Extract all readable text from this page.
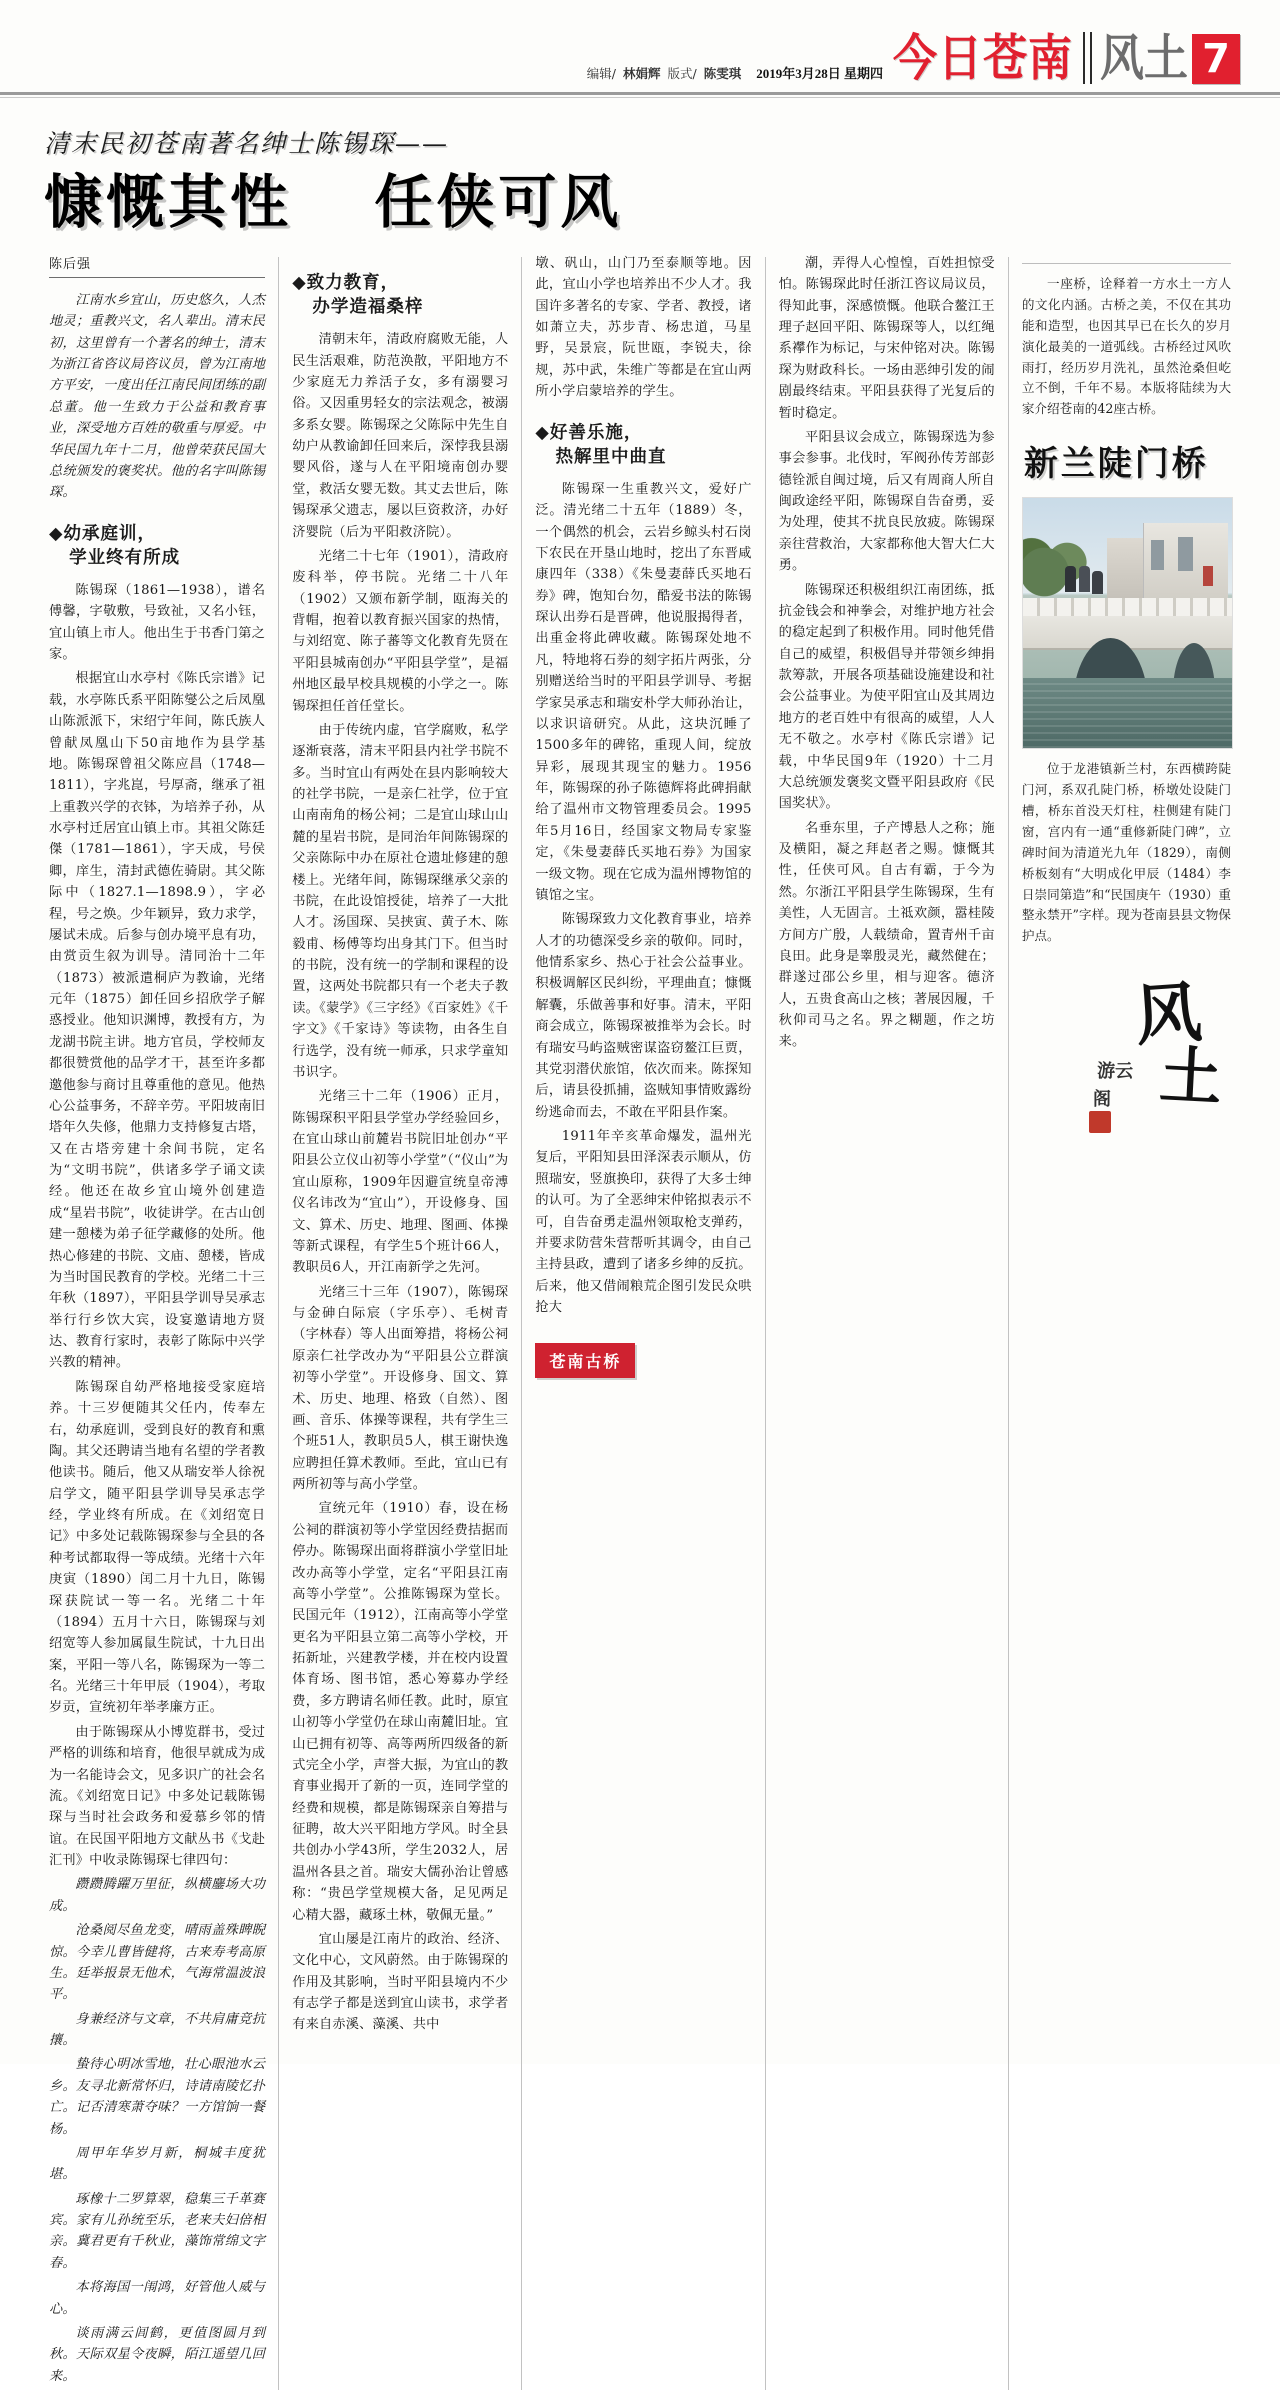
编辑/ 林娟辉 版式/ 陈雯琪 2019年3月28日 星期四 今日苍南 风土 7
清末民初苍南著名绅士陈锡琛——
慷慨其性 任侠可风
陈后强

江南水乡宜山，历史悠久，人杰地灵；重教兴文，名人辈出。清末民初，这里曾有一个著名的绅士，清末为浙江省咨议局咨议员，曾为江南地方平安，一度出任江南民间团练的副总董。他一生致力于公益和教育事业，深受地方百姓的敬重与厚爱。中华民国九年十二月，他曾荣获民国大总统颁发的褒奖状。他的名字叫陈锡琛。

◆幼承庭训，
学业终有所成

陈锡琛（1861—1938），谱名傅馨，字敬敷，号致祉，又名小钰，宜山镇上市人。他出生于书香门第之家。

根据宜山水亭村《陈氏宗谱》记载，水亭陈氏系平阳陈燮公之后凤凰山陈派派下，宋绍宁年间，陈氏族人曾献凤凰山下50亩地作为县学基地。陈锡琛曾祖父陈应昌（1748—1811），字兆崑，号厚斋，继承了祖上重教兴学的衣钵，为培养子孙，从水亭村迁居宜山镇上市。其祖父陈廷傑（1781—1861），字天成，号侯卿，庠生，清封武德佐骑尉。其父陈际中（1827.1—1898.9），字必程，号之焕。少年颖异，致力求学，屡试未成。后参与创办境平息有功，由赏贡生叙为训导。清同治十二年（1873）被派遣桐庐为教谕，光绪元年（1875）卸任回乡招欣学子解惑授业。他知识渊博，教授有方，为龙湖书院主讲。地方官员，学校师友都很赞赏他的品学才干，甚至许多都邀他参与商讨且尊重他的意见。他热心公益事务，不辞辛劳。平阳坡南旧塔年久失修，他鼎力支持修复古塔，又在古塔旁建十余间书院，定名为“文明书院”，供诸多学子诵文读经。他还在故乡宜山境外创建造成“星岩书院”，收徒讲学。在古山创建一憩楼为弟子征学藏修的处所。他热心修建的书院、文庙、憩楼，皆成为当时国民教育的学校。光绪二十三年秋（1897），平阳县学训导吴承志举行行乡饮大宾，设宴邀请地方贤达、教育行家时，表彰了陈际中兴学兴教的精神。

陈锡琛自幼严格地接受家庭培养。十三岁便随其父任内，传奉左右，幼承庭训，受到良好的教育和熏陶。其父还聘请当地有名望的学者教他读书。随后，他又从瑞安举人徐祝启学文，随平阳县学训导吴承志学经，学业终有所成。在《刘绍宽日记》中多处记载陈锡琛参与全县的各种考试都取得一等成绩。光绪十六年庚寅（1890）闰二月十九日，陈锡琛获院试一等一名。光绪二十年（1894）五月十六日，陈锡琛与刘绍宽等人参加属鼠生院试，十九日出案，平阳一等八名，陈锡琛为一等二名。光绪三十年甲辰（1904），考取岁贡，宣统初年举孝廉方正。

由于陈锡琛从小博览群书，受过严格的训练和培育，他很早就成为成为一名能诗会文，见多识广的社会名流。《刘绍宽日记》中多处记载陈锡琛与当时社会政务和爱慕乡邻的情谊。在民国平阳地方文献丛书《戈赴汇刊》中收录陈锡琛七律四句：

躜躜腾躍万里征，纵横鏖场大功成。

沧桑阅尽鱼龙变，晴雨盖殊睥睨惊。今幸儿曹皆健将，古来寿考高原生。廷举报景无他术，气海常温波浪平。

身兼经济与文章，不共肩庸竞抗攘。

蛰待心明冰雪地，壮心眼池水云乡。友寻北新常怀归，诗请南陵忆扑亡。记否清寒萧夺味？一方馆饷一餐杨。

周甲年华岁月新，桐城丰度犹堪。

琢橡十二罗算翠，稳集三千革赛宾。家有儿孙统至乐，老来夫妇倍相亲。冀君更有千秋业，藻饰常绵文字春。

本将海国一闱鸿，好管他人威与心。

谈雨满云闾鹤，更值图圆月到秋。天际双星令夜瞬，陌江遥望几回来。

◆致力教育，
办学造福桑梓

清朝末年，清政府腐败无能，人民生活艰难，防范涣散，平阳地方不少家庭无力养活子女，多有溺婴习俗。又因重男轻女的宗法观念，被溺多系女婴。陈锡琛之父陈际中先生自幼户从教谕卸任回来后，深悖我县溺婴风俗，遂与人在平阳境南创办婴堂，救活女婴无数。其丈去世后，陈锡琛承父遗志，屡以巨资救济，办好济婴院（后为平阳救济院）。

光绪二十七年（1901），清政府废科举，停书院。光绪二十八年（1902）又颁布新学制，瓯海关的背帽，抱着以教育振兴国家的热情，与刘绍宽、陈子蕃等文化教育先贤在平阳县城南创办“平阳县学堂”，是福州地区最早校具规模的小学之一。陈锡琛担任首任堂长。

由于传统内虚，官学腐败，私学逐渐衰落，清末平阳县内社学书院不多。当时宜山有两处在县内影响较大的社学书院，一是亲仁社学，位于宜山南南角的杨公祠；二是宜山球山山麓的星岩书院，是同治年间陈锡琛的父亲陈际中办在原社仓遗址修建的憩楼上。光绪年间，陈锡琛继承父亲的书院，在此设馆授徒，培养了一大批人才。汤国琛、吴挟寅、黄子木、陈毅甫、杨傅等均出身其门下。但当时的书院，没有统一的学制和课程的设置，这两处书院都只有一个老夫子教读。《蒙学》《三字经》《百家姓》《千字文》《千家诗》等读物，由各生自行选学，没有统一师承，只求学童知书识字。

光绪三十二年（1906）正月，陈锡琛积平阳县学堂办学经验回乡，在宜山球山前麓岩书院旧址创办“平阳县公立仪山初等小学堂”（“仪山”为宜山原称，1909年因避宣统皇帝溥仪名讳改为“宜山”），开设修身、国文、算术、历史、地理、图画、体操等新式课程，有学生5个班计66人，教职员6人，开江南新学之先河。

光绪三十三年（1907），陈锡琛与金砷白际宸（字乐亭）、毛树青（字林春）等人出面筹措，将杨公祠原亲仁社学改办为“平阳县公立群演初等小学堂”。开设修身、国文、算术、历史、地理、格致（自然）、图画、音乐、体操等课程，共有学生三个班51人，教职员5人，棋王谢快逸应聘担任算术教师。至此，宜山已有两所初等与高小学堂。

宣统元年（1910）春，设在杨公祠的群演初等小学堂因经费拮据而停办。陈锡琛出面将群演小学堂旧址改办高等小学堂，定名“平阳县江南高等小学堂”。公推陈锡琛为堂长。民国元年（1912），江南高等小学堂更名为平阳县立第二高等小学校，开拓新址，兴建教学楼，并在校内设置体育场、图书馆，悉心筹募办学经费，多方聘请名师任教。此时，原宜山初等小学堂仍在球山南麓旧址。宜山已拥有初等、高等两所四级备的新式完全小学，声誉大振，为宜山的教育事业揭开了新的一页，连同学堂的经费和规模，都是陈锡琛亲自筹措与征聘，故大兴平阳地方学风。时全县共创办小学43所，学生2032人，居温州各县之首。瑞安大儒孙治让曾感称：“贵邑学堂规模大备，足见两足心精大器，藏琢土林，敬佩无量。”

宜山屡是江南片的政治、经济、文化中心，文风蔚然。由于陈锡琛的作用及其影响，当时平阳县境内不少有志学子都是送到宜山读书，求学者有来自赤溪、藻溪、共中

墩、矾山，山门乃至泰顺等地。因此，宜山小学也培养出不少人才。我国许多著名的专家、学者、教授，诸如萧立夫，苏步青、杨忠道，马星野，吴景宸，阮世瓯，李锐夫，徐规，苏中武，朱维广等都是在宜山两所小学启蒙培养的学生。

◆好善乐施，
热解里中曲直

陈锡琛一生重教兴文，爱好广泛。清光绪二十五年（1889）冬，一个偶然的机会，云岩乡鲸头村石岗下农民在开垦山地时，挖出了东晋咸康四年（338）《朱曼妻薛氏买地石券》碑，饱知台勿，酷爱书法的陈锡琛认出券石是晋碑，他说服揭得者，出重金将此碑收藏。陈锡琛处地不凡，特地将石券的刻字拓片两张，分别赠送给当时的平阳县学训导、考据学家吴承志和瑞安朴学大师孙治让，以求识谙研究。从此，这块沉睡了1500多年的碑铭，重现人间，绽放异彩，展现其现宝的魅力。1956年，陈锡琛的孙子陈德辉将此碑捐献给了温州市文物管理委员会。1995年5月16日，经国家文物局专家鉴定，《朱曼妻薛氏买地石券》为国家一级文物。现在它成为温州博物馆的镇馆之宝。

陈锡琛致力文化教育事业，培养人才的功德深受乡亲的敬仰。同时，他情系家乡、热心于社会公益事业。积极调解区民纠纷，平理曲直；慷慨解囊，乐做善事和好事。清末，平阳商会成立，陈锡琛被推举为会长。时有瑞安马屿盗贼密谋盗窃鳌江巨贾，其党羽潜伏旅馆，依次而来。陈探知后，请县役抓捕，盗贼知事情败露纷纷逃命而去，不敢在平阳县作案。

1911年辛亥革命爆发，温州光复后，平阳知县田泽深表示顺从，仿照瑞安，竖旗换印，获得了大多士绅的认可。为了全恶绅宋仲铭拟表示不可，自告奋勇走温州领取枪支弹药，并要求防营朱营帮听其调令，由自己主持县政，遭到了诸多乡绅的反抗。后来，他又借闹粮荒企图引发民众哄抢大

苍南古桥

潮，弄得人心惶惶，百姓担惊受怕。陈锡琛此时任浙江咨议局议员，得知此事，深感愤慨。他联合鳌江王理子赵回平阳、陈锡琛等人，以红绳系襻作为标记，与宋仲铭对决。陈锡琛为财政科长。一场由恶绅引发的闹剧最终结束。平阳县获得了光复后的暂时稳定。

平阳县议会成立，陈锡琛选为参事会参事。北伐时，军阀孙传芳部彭德铨派自闽过境，后又有周商人所自闽政途经平阳，陈锡琛自告奋勇，妥为处理，使其不扰良民放疲。陈锡琛亲往营救治，大家都称他大智大仁大勇。

陈锡琛还积极组织江南团练，抵抗金钱会和神拳会，对维护地方社会的稳定起到了积极作用。同时他凭借自己的威望，积极倡导并带领乡绅捐款筹款，开展各项基础设施建设和社会公益事业。为使平阳宜山及其周边地方的老百姓中有很高的威望，人人无不敬之。水亭村《陈氏宗谱》记载，中华民国9年（1920）十二月大总统颁发褒奖文暨平阳县政府《民国奖状》。

名垂东里，子产博悬人之称；施及横阳，凝之拜赵者之赐。慷慨其性，任侠可风。自古有霸，于今为然。尔浙江平阳县学生陈锡琛，生有美性，人无固言。土祗欢颜，嚣桂陵方间方广殷，人载绩命，置青州千亩良田。此身是睾殷灵光，藏然健在；群遂过邵公乡里，相与迎客。德济人，五贵食高山之核；著展因履，千秋仰司马之名。界之糊题，作之坊来。

一座桥，诠释着一方水土一方人的文化内涵。古桥之美，不仅在其功能和造型，也因其早已在长久的岁月演化最美的一道弧线。古桥经过风吹雨打，经历岁月洗礼，虽然沧桑但屹立不倒，千年不易。本版将陆续为大家介绍苍南的42座古桥。

新兰陡门桥

位于龙港镇新兰村，东西横跨陡门河，系双孔陡门桥，桥墩处设陡门槽，桥东首没天灯柱，柱侧建有陡门窗，宫内有一通“重修新陡门碑”，立碑时间为清道光九年（1829），南侧桥板刻有“大明成化甲辰（1484）李日崇同第造”和“民国庚午（1930）重整永禁开”字样。现为苍南县县文物保护点。

风
土
游云
阁
